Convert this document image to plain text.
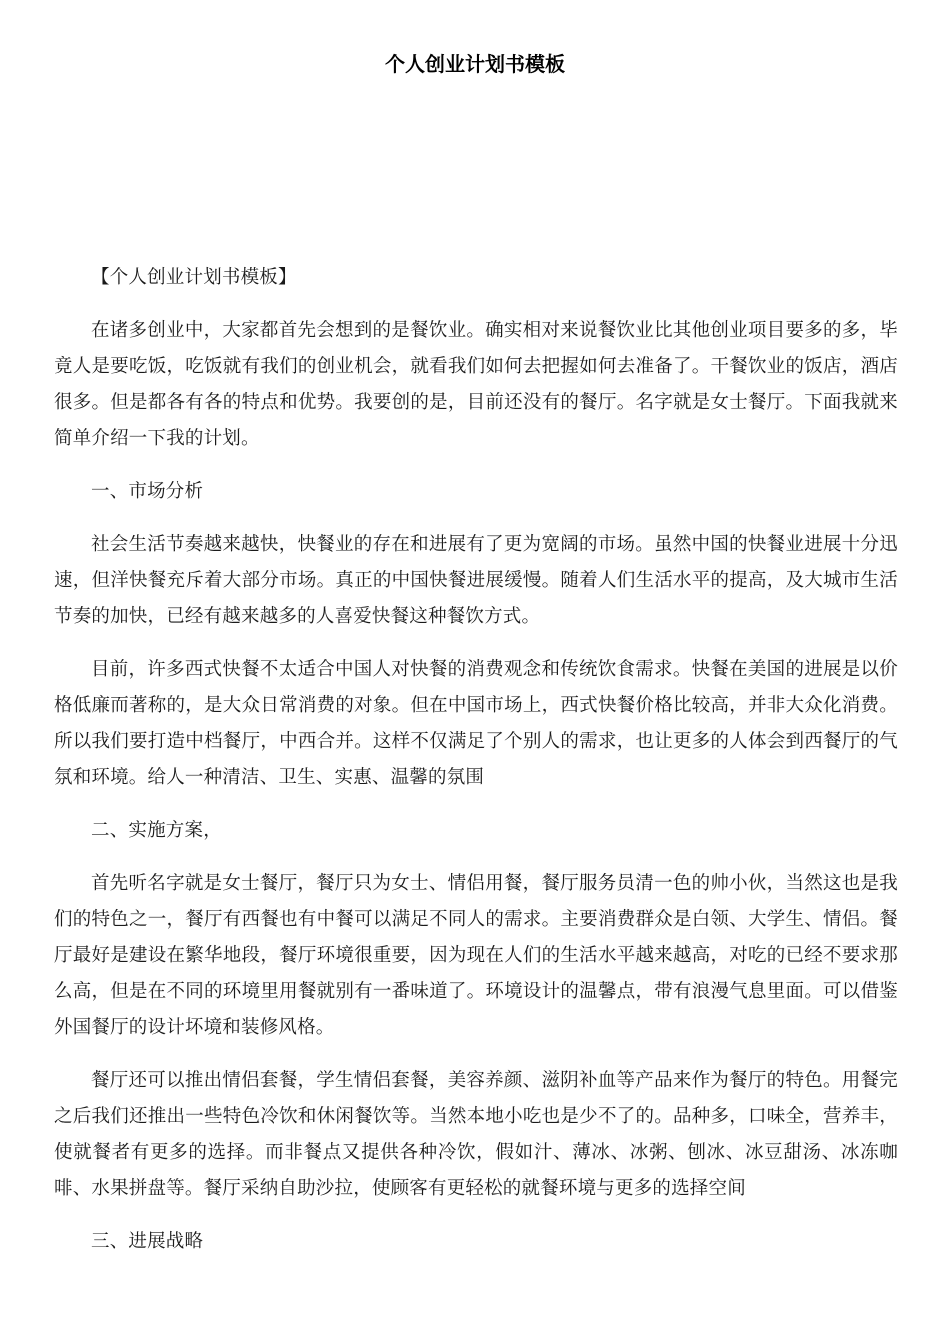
个人创业计划书模板

【个人创业计划书模板】

在诸多创业中，大家都首先会想到的是餐饮业。确实相对来说餐饮业比其他创业项目要多的多，毕竟人是要吃饭，吃饭就有我们的创业机会，就看我们如何去把握如何去准备了。干餐饮业的饭店，酒店很多。但是都各有各的特点和优势。我要创的是，目前还没有的餐厅。名字就是女士餐厅。下面我就来简单介绍一下我的计划。

一、市场分析

社会生活节奏越来越快，快餐业的存在和进展有了更为宽阔的市场。虽然中国的快餐业进展十分迅速，但洋快餐充斥着大部分市场。真正的中国快餐进展缓慢。随着人们生活水平的提高，及大城市生活节奏的加快，已经有越来越多的人喜爱快餐这种餐饮方式。

目前，许多西式快餐不太适合中国人对快餐的消费观念和传统饮食需求。快餐在美国的进展是以价格低廉而著称的，是大众日常消费的对象。但在中国市场上，西式快餐价格比较高，并非大众化消费。所以我们要打造中档餐厅，中西合并。这样不仅满足了个别人的需求，也让更多的人体会到西餐厅的气氛和环境。给人一种清洁、卫生、实惠、温馨的氛围

二、实施方案，

首先听名字就是女士餐厅，餐厅只为女士、情侣用餐，餐厅服务员清一色的帅小伙，当然这也是我们的特色之一，餐厅有西餐也有中餐可以满足不同人的需求。主要消费群众是白领、大学生、情侣。餐厅最好是建设在繁华地段，餐厅环境很重要，因为现在人们的生活水平越来越高，对吃的已经不要求那么高，但是在不同的环境里用餐就别有一番味道了。环境设计的温馨点，带有浪漫气息里面。可以借鉴外国餐厅的设计坏境和装修风格。

餐厅还可以推出情侣套餐，学生情侣套餐，美容养颜、滋阴补血等产品来作为餐厅的特色。用餐完之后我们还推出一些特色冷饮和休闲餐饮等。当然本地小吃也是少不了的。品种多，口味全，营养丰，使就餐者有更多的选择。而非餐点又提供各种冷饮，假如汁、薄冰、冰粥、刨冰、冰豆甜汤、冰冻咖啡、水果拼盘等。餐厅采纳自助沙拉，使顾客有更轻松的就餐环境与更多的选择空间

三、进展战略
